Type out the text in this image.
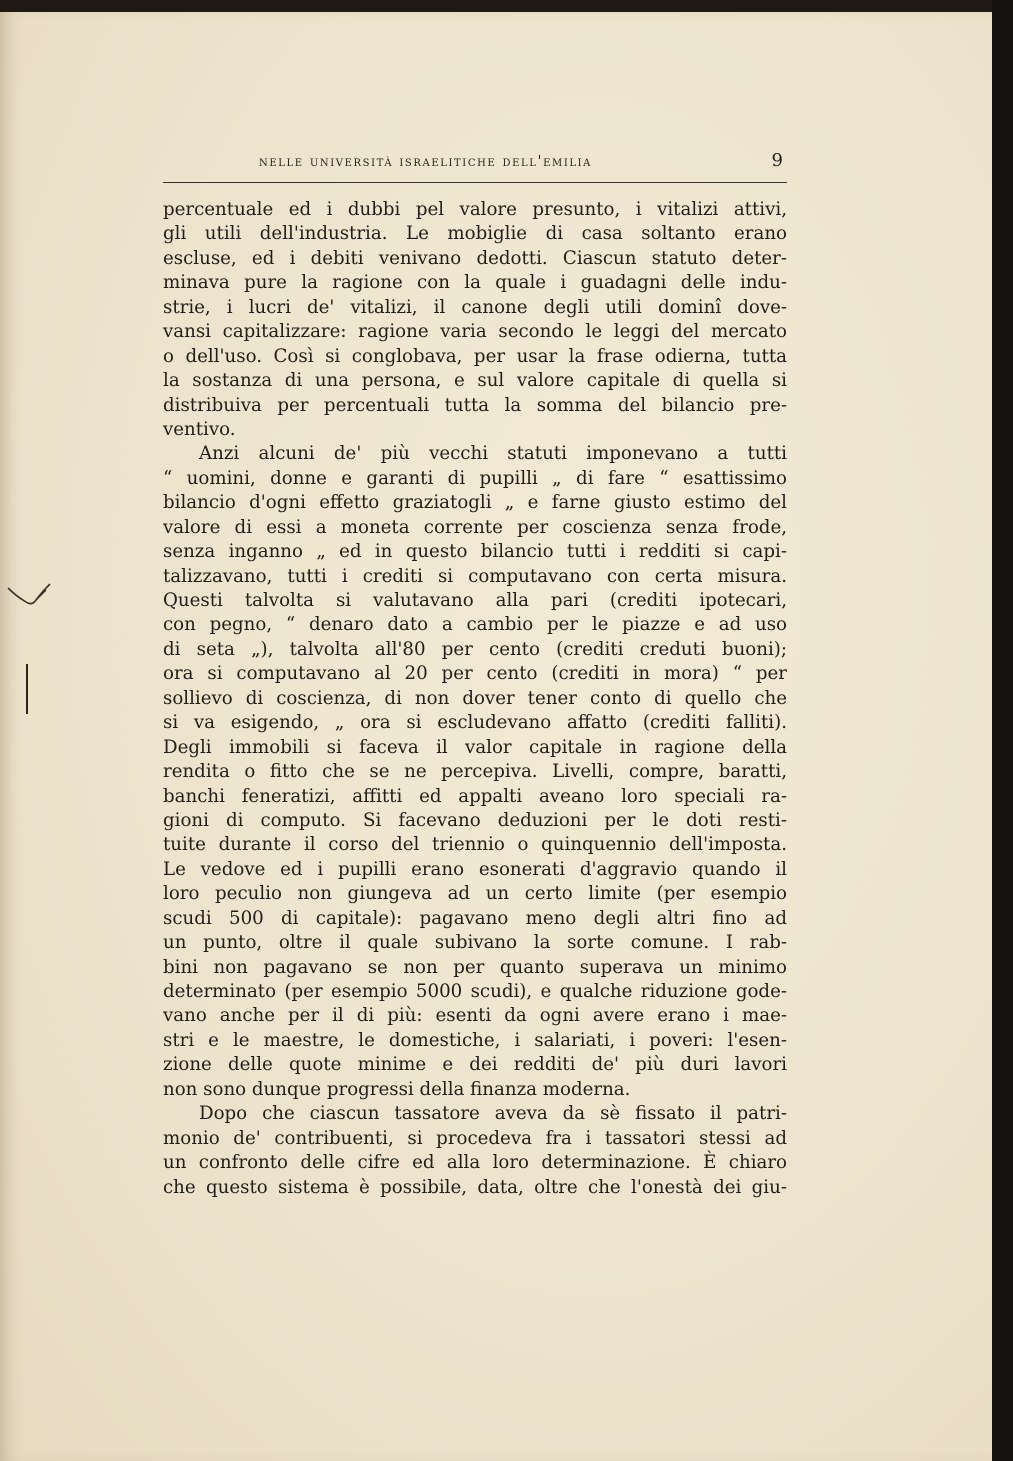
nelle università israelitiche dell'emilia	9
percentuale ed i dubbi pel valore presunto, i vitalizi attivi,
gli utili dell'industria. Le mobiglie di casa soltanto erano
escluse, ed i debiti venivano dedotti. Ciascun statuto deter-
minava pure la ragione con la quale i guadagni delle indu-
strie, i lucri de' vitalizi, il canone degli utili dominî dove-
vansi capitalizzare: ragione varia secondo le leggi del mercato
o dell'uso. Così si conglobava, per usar la frase odierna, tutta
la sostanza di una persona, e sul valore capitale di quella si
distribuiva per percentuali tutta la somma del bilancio pre-
ventivo.
Anzi alcuni de' più vecchi statuti imponevano a tutti
“ uomini, donne e garanti di pupilli „ di fare “ esattissimo
bilancio d'ogni effetto graziatogli „ e farne giusto estimo del
valore di essi a moneta corrente per coscienza senza frode,
senza inganno „ ed in questo bilancio tutti i redditi si capi-
talizzavano, tutti i crediti si computavano con certa misura.
Questi talvolta si valutavano alla pari (crediti ipotecari,
con pegno, “ denaro dato a cambio per le piazze e ad uso
di seta „), talvolta all'80 per cento (crediti creduti buoni);
ora si computavano al 20 per cento (crediti in mora) “ per
sollievo di coscienza, di non dover tener conto di quello che
si va esigendo, „ ora si escludevano affatto (crediti falliti).
Degli immobili si faceva il valor capitale in ragione della
rendita o fitto che se ne percepiva. Livelli, compre, baratti,
banchi feneratizi, affitti ed appalti aveano loro speciali ra-
gioni di computo. Si facevano deduzioni per le doti resti-
tuite durante il corso del triennio o quinquennio dell'imposta.
Le vedove ed i pupilli erano esonerati d'aggravio quando il
loro peculio non giungeva ad un certo limite (per esempio
scudi 500 di capitale): pagavano meno degli altri fino ad
un punto, oltre il quale subivano la sorte comune. I rab-
bini non pagavano se non per quanto superava un minimo
determinato (per esempio 5000 scudi), e qualche riduzione gode-
vano anche per il di più: esenti da ogni avere erano i mae-
stri e le maestre, le domestiche, i salariati, i poveri: l'esen-
zione delle quote minime e dei redditi de' più duri lavori
non sono dunque progressi della finanza moderna.
Dopo che ciascun tassatore aveva da sè fissato il patri-
monio de' contribuenti, si procedeva fra i tassatori stessi ad
un confronto delle cifre ed alla loro determinazione. È chiaro
che questo sistema è possibile, data, oltre che l'onestà dei giu-
